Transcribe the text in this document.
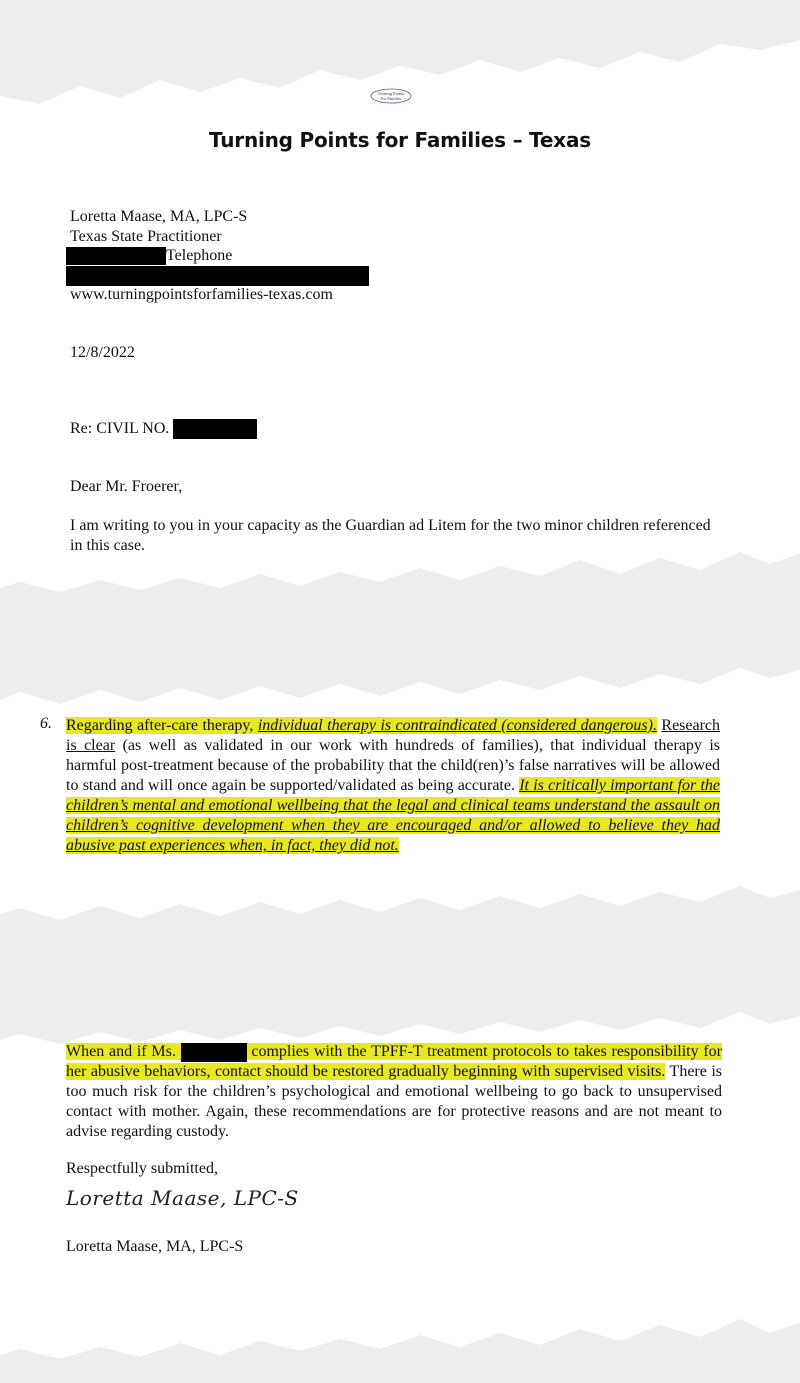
Turning Points
For Families
Turning Points for Families – Texas
Loretta Maase, MA, LPC-S
Texas State Practitioner
Telephone
www.turningpointsforfamilies-texas.com
12/8/2022
Re: CIVIL NO.
Dear Mr. Froerer,

I am writing to you in your capacity as the Guardian ad Litem for the two minor children referenced in this case.

6. Regarding after-care therapy, individual therapy is contraindicated (considered dangerous). Research is clear (as well as validated in our work with hundreds of families), that individual therapy is harmful post-treatment because of the probability that the child(ren)’s false narratives will be allowed to stand and will once again be supported/validated as being accurate. It is critically important for the children’s mental and emotional wellbeing that the legal and clinical teams understand the assault on children’s cognitive development when they are encouraged and/or allowed to believe they had abusive past experiences when, in fact, they did not.

When and if Ms.	complies with the TPFF-T treatment protocols to takes responsibility for her abusive behaviors, contact should be restored gradually beginning with supervised visits. There is too much risk for the children’s psychological and emotional wellbeing to go back to unsupervised contact with mother. Again, these recommendations are for protective reasons and are not meant to advise regarding custody.

Respectfully submitted,
Loretta Maase, LPC-S
Loretta Maase, MA, LPC-S
